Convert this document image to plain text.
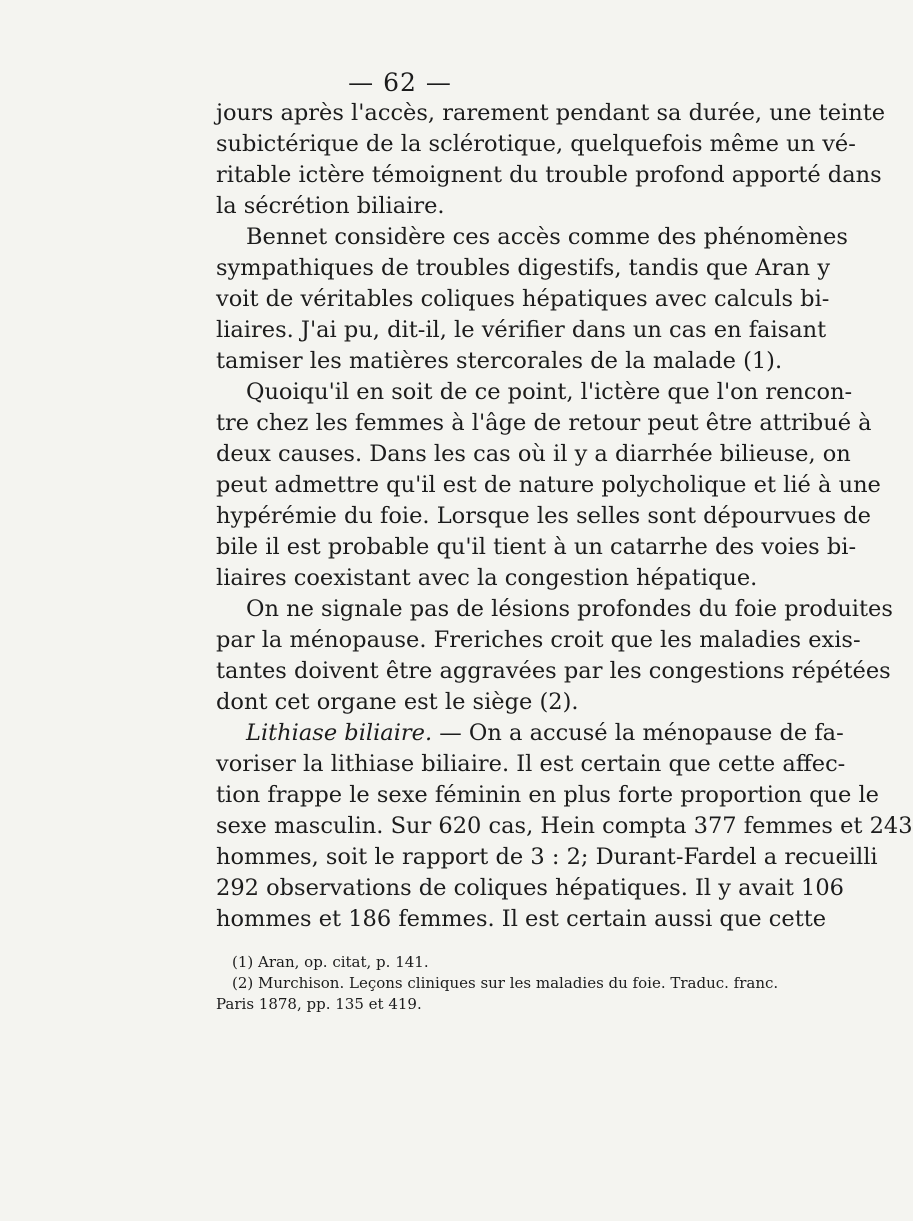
— 62 —
jours après l'accès, rarement pendant sa durée, une teinte
subictérique de la sclérotique, quelquefois même un vé-
ritable ictère témoignent du trouble profond apporté dans
la sécrétion biliaire.
Bennet considère ces accès comme des phénomènes
sympathiques de troubles digestifs, tandis que Aran y
voit de véritables coliques hépatiques avec calculs bi-
liaires. J'ai pu, dit-il, le vérifier dans un cas en faisant
tamiser les matières stercorales de la malade (1).
Quoiqu'il en soit de ce point, l'ictère que l'on rencon-
tre chez les femmes à l'âge de retour peut être attribué à
deux causes. Dans les cas où il y a diarrhée bilieuse, on
peut admettre qu'il est de nature polycholique et lié à une
hypérémie du foie. Lorsque les selles sont dépourvues de
bile il est probable qu'il tient à un catarrhe des voies bi-
liaires coexistant avec la congestion hépatique.
On ne signale pas de lésions profondes du foie produites
par la ménopause. Freriches croit que les maladies exis-
tantes doivent être aggravées par les congestions répétées
dont cet organe est le siège (2).
Lithiase biliaire. — On a accusé la ménopause de fa-
voriser la lithiase biliaire. Il est certain que cette affec-
tion frappe le sexe féminin en plus forte proportion que le
sexe masculin. Sur 620 cas, Hein compta 377 femmes et 243
hommes, soit le rapport de 3 : 2; Durant-Fardel a recueilli
292 observations de coliques hépatiques. Il y avait 106
hommes et 186 femmes. Il est certain aussi que cette
(1) Aran, op. citat, p. 141.
(2) Murchison. Leçons cliniques sur les maladies du foie. Traduc. franc.
Paris 1878, pp. 135 et 419.
